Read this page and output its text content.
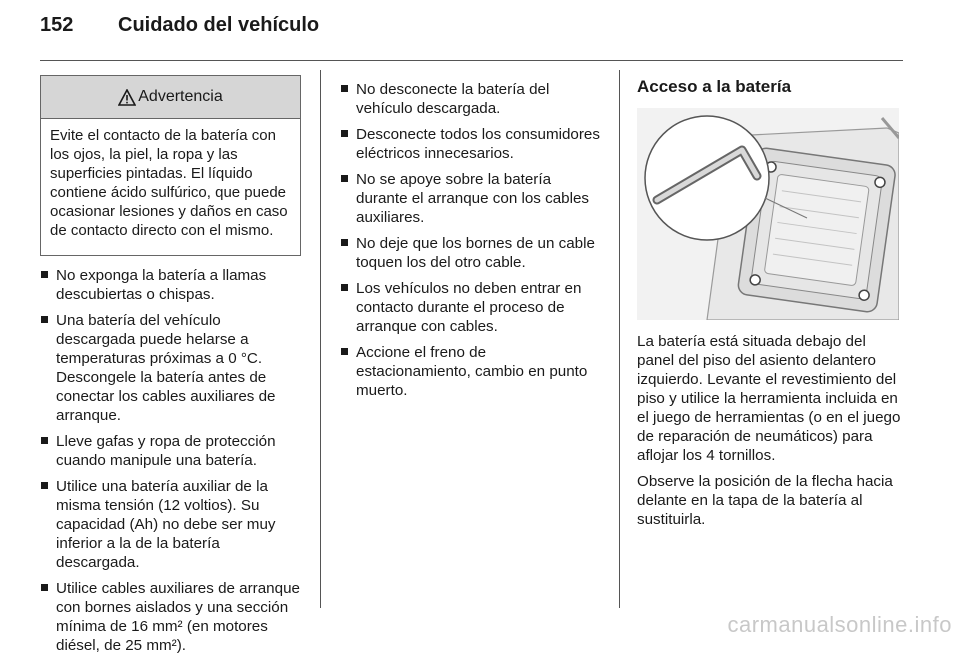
152 Cuidado del vehículo
Advertencia
Evite el contacto de la batería con los ojos, la piel, la ropa y las superficies pintadas. El líquido contiene ácido sulfúrico, que puede ocasionar lesiones y daños en caso de contacto directo con el mismo.
No exponga la batería a llamas descubiertas o chispas.
Una batería del vehículo descargada puede helarse a temperaturas próximas a 0 °C. Descongele la batería antes de conectar los cables auxiliares de arranque.
Lleve gafas y ropa de protección cuando manipule una batería.
Utilice una batería auxiliar de la misma tensión (12 voltios). Su capacidad (Ah) no debe ser muy inferior a la de la batería descargada.
Utilice cables auxiliares de arranque con bornes aislados y una sección mínima de 16 mm² (en motores diésel, de 25 mm²).
No desconecte la batería del vehículo descargada.
Desconecte todos los consumidores eléctricos innecesarios.
No se apoye sobre la batería durante el arranque con los cables auxiliares.
No deje que los bornes de un cable toquen los del otro cable.
Los vehículos no deben entrar en contacto durante el proceso de arranque con cables.
Accione el freno de estacionamiento, cambio en punto muerto.
Acceso a la batería

La batería está situada debajo del panel del piso del asiento delantero izquierdo. Levante el revestimiento del piso y utilice la herramienta incluida en el juego de herramientas (o en el juego de reparación de neumáticos) para aflojar los 4 tornillos.

Observe la posición de la flecha hacia delante en la tapa de la batería al sustituirla.

carmanualsonline.info
